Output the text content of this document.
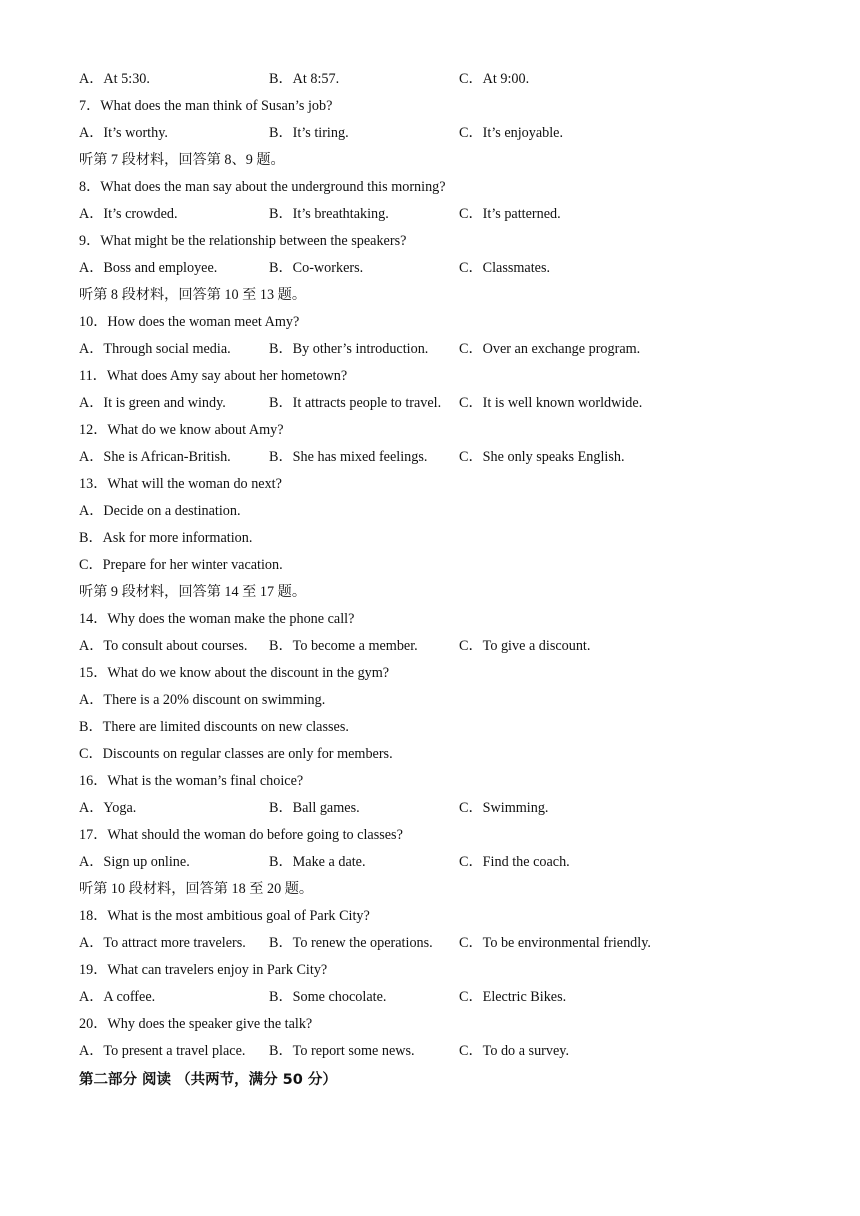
A．At 5:30.	B．At 8:57.	C．At 9:00.
7．What does the man think of Susan’s job?
A．It’s worthy.	B．It’s tiring.	C．It’s enjoyable.
听第 7 段材料，回答第 8、9 题。
8．What does the man say about the underground this morning?
A．It’s crowded.	B．It’s breathtaking.	C．It’s patterned.
9．What might be the relationship between the speakers?
A．Boss and employee.	B．Co-workers.	C．Classmates.
听第 8 段材料，回答第 10 至 13 题。
10．How does the woman meet Amy?
A．Through social media.	B．By other’s introduction. C．Over an exchange program.
11．What does Amy say about her hometown?
A．It is green and windy.	B．It attracts people to travel. C．It is well known worldwide.
12．What do we know about Amy?
A．She is African-British.	B．She has mixed feelings. C．She only speaks English.
13．What will the woman do next?
A．Decide on a destination.
B．Ask for more information.
C．Prepare for her winter vacation.
听第 9 段材料，回答第 14 至 17 题。
14．Why does the woman make the phone call?
A．To consult about courses. B．To become a member.	C．To give a discount.
15．What do we know about the discount in the gym?
A．There is a 20% discount on swimming.
B．There are limited discounts on new classes.
C．Discounts on regular classes are only for members.
16．What is the woman’s final choice?
A．Yoga.	B．Ball games.	C．Swimming.
17．What should the woman do before going to classes?
A．Sign up online.	B．Make a date.	C．Find the coach.
听第 10 段材料，回答第 18 至 20 题。
18．What is the most ambitious goal of Park City?
A．To attract more travelers. B．To renew the operations. C．To be environmental friendly.
19．What can travelers enjoy in Park City?
A．A coffee.	B．Some chocolate.	C．Electric Bikes.
20．Why does the speaker give the talk?
A．To present a travel place. B．To report some news.	C．To do a survey.
第二部分 阅读 （共两节，满分 50 分）
